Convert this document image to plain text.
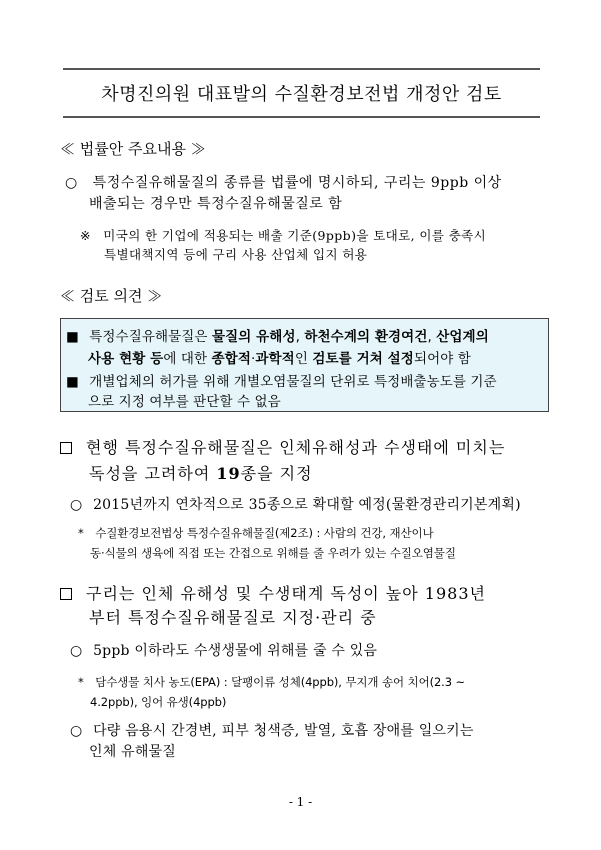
차명진의원 대표발의 수질환경보전법 개정안 검토
≪ 법률안 주요내용 ≫
○ 특정수질유해물질의 종류를 법률에 명시하되, 구리는 9ppb 이상
배출되는 경우만 특정수질유해물질로 함
※ 미국의 한 기업에 적용되는 배출 기준(9ppb)을 토대로, 이를 충족시
특별대책지역 등에 구리 사용 산업체 입지 허용
≪ 검토 의견 ≫
■ 특정수질유해물질은 물질의 유해성, 하천수계의 환경여건, 산업계의
사용 현황 등에 대한 종합적·과학적인 검토를 거쳐 설정되어야 함
■ 개별업체의 허가를 위해 개별오염물질의 단위로 특정배출농도를 기준
으로 지정 여부를 판단할 수 없음
현행 특정수질유해물질은 인체유해성과 수생태에 미치는
독성을 고려하여 19종을 지정
○ 2015년까지 연차적으로 35종으로 확대할 예정(물환경관리기본계획)
* 수질환경보전법상 특정수질유해물질(제2조) : 사람의 건강, 재산이나
동·식물의 생육에 직접 또는 간접으로 위해를 줄 우려가 있는 수질오염물질
구리는 인체 유해성 및 수생태계 독성이 높아 1983년
부터 특정수질유해물질로 지정·관리 중
○ 5ppb 이하라도 수생생물에 위해를 줄 수 있음
* 담수생물 치사 농도(EPA) : 달팽이류 성체(4ppb), 무지개 송어 치어(2.3 ~
4.2ppb), 잉어 유생(4ppb)
○ 다량 음용시 간경변, 피부 청색증, 발열, 호흡 장애를 일으키는
인체 유해물질
- 1 -
